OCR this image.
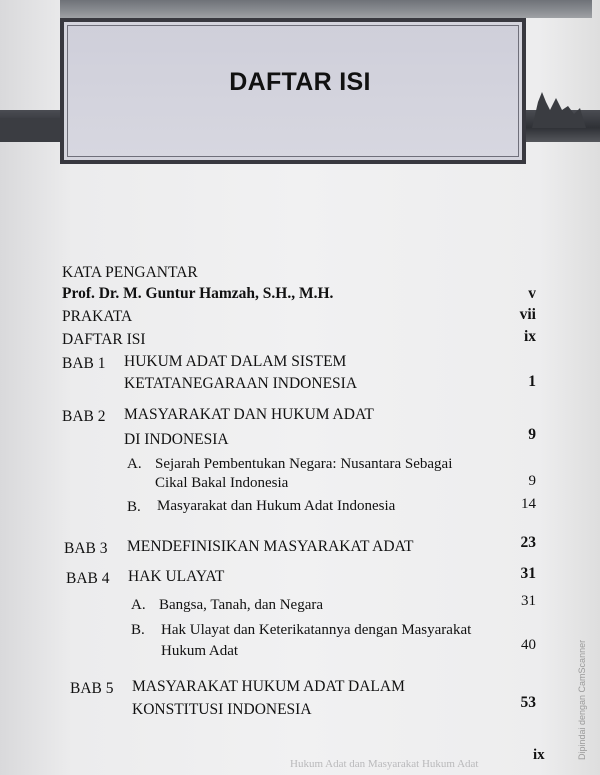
DAFTAR ISI
KATA PENGANTAR
Prof. Dr. M. Guntur Hamzah, S.H., M.H.	v
PRAKATA	vii
DAFTAR ISI	ix
BAB 1 HUKUM ADAT DALAM SISTEM
KETATANEGARAAN INDONESIA	1
BAB 2 MASYARAKAT DAN HUKUM ADAT
DI INDONESIA	9
A. Sejarah Pembentukan Negara: Nusantara Sebagai
Cikal Bakal Indonesia	9
B. Masyarakat dan Hukum Adat Indonesia	14
BAB 3 MENDEFINISIKAN MASYARAKAT ADAT	23
BAB 4 HAK ULAYAT	31
A. Bangsa, Tanah, dan Negara	31
B. Hak Ulayat dan Keterikatannya dengan Masyarakat
Hukum Adat	40
BAB 5 MASYARAKAT HUKUM ADAT DALAM
KONSTITUSI INDONESIA	53
ix
Hukum Adat dan Masyarakat Hukum Adat
Dipindai dengan CamScanner
